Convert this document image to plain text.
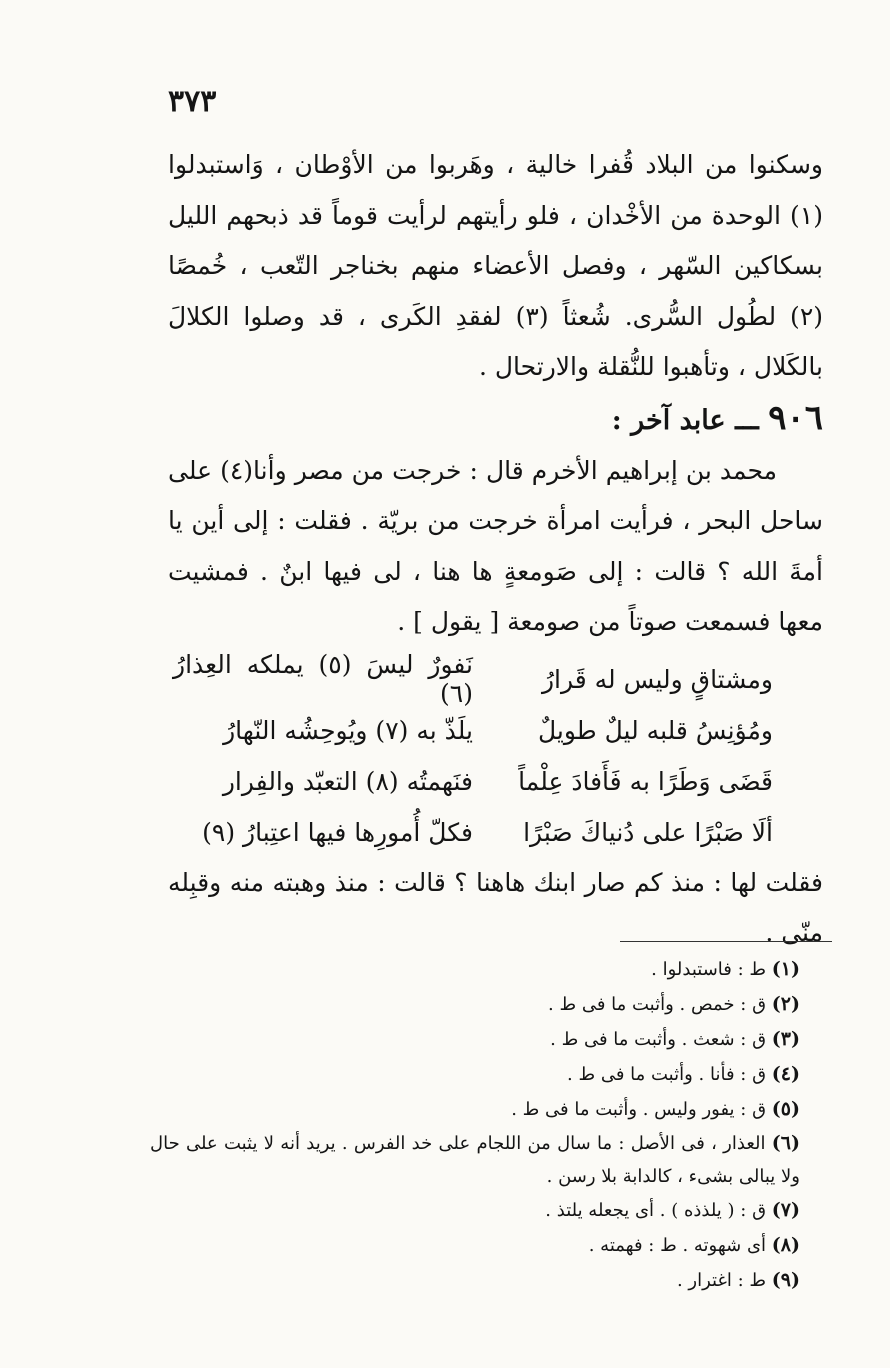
٣٧٣

وسكنوا من البلاد قُفرا خالية ، وهَربوا من الأوْطان ، وَاستبدلوا (١) الوحدة من الأخْدان ، فلو رأيتهم لرأيت قوماً قد ذبحهم الليل بسكاكين السّهر ، وفصل الأعضاء منهم بخناجر التّعب ، خُمصًا (٢) لطُول السُّرى. شُعثاً (٣) لفقدِ الكَرى ، قد وصلوا الكلالَ بالكَلال ، وتأهبوا للنُّقلة والارتحال .

٩٠٦ ـــ عابد آخر :

محمد بن إبراهيم الأخرم قال : خرجت من مصر وأنا(٤) على ساحل البحر ، فرأيت امرأة خرجت من بريّة . فقلت : إلى أين يا أمةَ الله ؟ قالت : إلى صَومعةٍ ها هنا ، لى فيها ابنٌ . فمشيت معها فسمعت صوتاً من صومعة [ يقول ] .

ومشتاقٍ وليس له قَرارُ
نَفورٌ ليسَ (٥) يملكه العِذارُ (٦)
ومُؤنِسُ قلبه ليلٌ طويلٌ
يلَذّ به (٧) ويُوحِشُه النّهارُ
قَضَى وَطَرًا به فَأَفادَ عِلْماً
فنَهمتُه (٨) التعبّد والفِرار
ألَا صَبْرًا على دُنياكَ صَبْرًا
فكلّ أُمورِها فيها اعتِبارُ (٩)

فقلت لها : منذ كم صار ابنك هاهنا ؟ قالت : منذ وهبته منه وقبِله منّى .

(١) ط : فاستبدلوا .

(٢) ق : خمص . وأثبت ما فى ط .

(٣) ق : شعث . وأثبت ما فى ط .

(٤) ق : فأنا . وأثبت ما فى ط .

(٥) ق : يفور وليس . وأثبت ما فى ط .

(٦) العذار ، فى الأصل : ما سال من اللجام على خد الفرس . يريد أنه لا يثبت على حال ولا يبالى بشىء ، كالدابة بلا رسن .

(٧) ق : ( يلذذه ) . أى يجعله يلتذ .

(٨) أى شهوته . ط : فهمته .

(٩) ط : اغترار .
